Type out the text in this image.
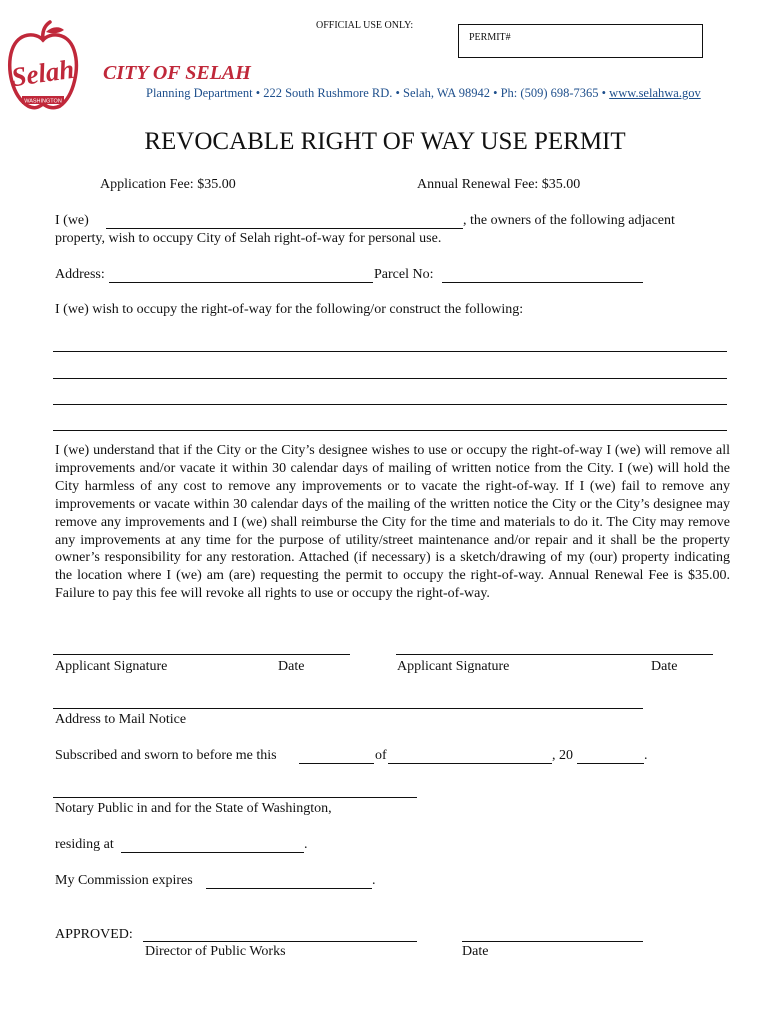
OFFICIAL USE ONLY:
PERMIT#
Selah
WASHINGTON
CITY OF SELAH
Planning Department • 222 South Rushmore RD. • Selah, WA 98942 • Ph: (509) 698-7365 • www.selahwa.gov
REVOCABLE RIGHT OF WAY USE PERMIT
Application Fee: $35.00	Annual Renewal Fee: $35.00
I (we)	, the owners of the following adjacent
property, wish to occupy City of Selah right-of-way for personal use.
Address:	Parcel No:
I (we) wish to occupy the right-of-way for the following/or construct the following:
I (we) understand that if the City or the City’s designee wishes to use or occupy the right-of-way I (we) will remove all improvements and/or vacate it within 30 calendar days of mailing of written notice from the City. I (we) will hold the City harmless of any cost to remove any improvements or to vacate the right-of-way. If I (we) fail to remove any improvements or vacate within 30 calendar days of the mailing of the written notice the City or the City’s designee may remove any improvements and I (we) shall reimburse the City for the time and materials to do it. The City may remove any improvements at any time for the purpose of utility/street maintenance and/or repair and it shall be the property owner’s responsibility for any restoration. Attached (if necessary) is a sketch/drawing of my (our) property indicating the location where I (we) am (are) requesting the permit to occupy the right-of-way. Annual Renewal Fee is $35.00. Failure to pay this fee will revoke all rights to use or occupy the right-of-way.
Applicant Signature	Date	Applicant Signature	Date
Address to Mail Notice
Subscribed and sworn to before me this	of	, 20	.
Notary Public in and for the State of Washington,
residing at	.
My Commission expires	.
APPROVED:
Director of Public Works	Date
